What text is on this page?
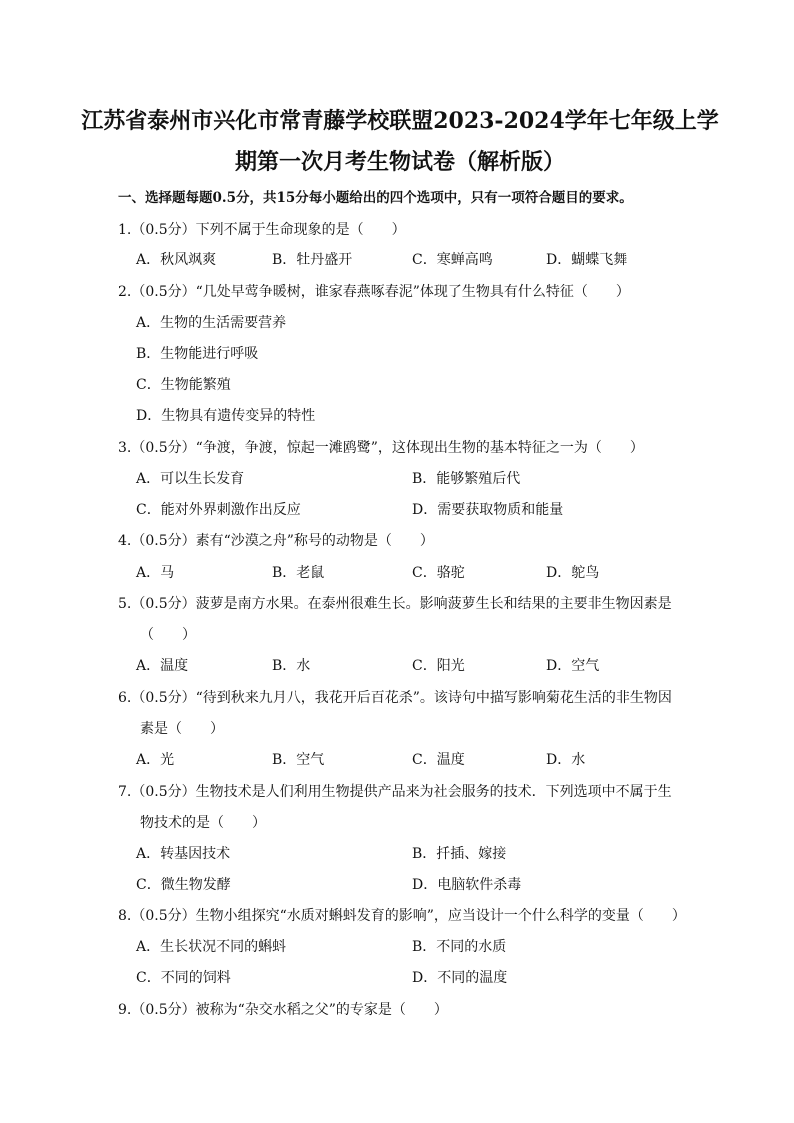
江苏省泰州市兴化市常青藤学校联盟2023-2024学年七年级上学
期第一次月考生物试卷（解析版）
一、选择题每题0.5分，共15分每小题给出的四个选项中，只有一项符合题目的要求。
1.（0.5分）下列不属于生命现象的是（　　）
A．秋风飒爽	B．牡丹盛开	C．寒蝉高鸣	D．蝴蝶飞舞
2.（0.5分）“几处早莺争暖树，谁家春燕啄春泥”体现了生物具有什么特征（　　）
A．生物的生活需要营养
B．生物能进行呼吸
C．生物能繁殖
D．生物具有遗传变异的特性
3.（0.5分）“争渡，争渡，惊起一滩鸥鹭”，这体现出生物的基本特征之一为（　　）
A．可以生长发育	B．能够繁殖后代
C．能对外界刺激作出反应	D．需要获取物质和能量
4.（0.5分）素有“沙漠之舟”称号的动物是（　　）
A．马	B．老鼠	C．骆驼	D．鸵鸟
5.（0.5分）菠萝是南方水果。在泰州很难生长。影响菠萝生长和结果的主要非生物因素是
（　　）
A．温度	B．水	C．阳光	D．空气
6.（0.5分）“待到秋来九月八，我花开后百花杀”。该诗句中描写影响菊花生活的非生物因
素是（　　）
A．光	B．空气	C．温度	D．水
7.（0.5分）生物技术是人们利用生物提供产品来为社会服务的技术．下列选项中不属于生
物技术的是（　　）
A．转基因技术	B．扦插、嫁接
C．微生物发酵	D．电脑软件杀毒
8.（0.5分）生物小组探究“水质对蝌蚪发育的影响”，应当设计一个什么科学的变量（　　）
A．生长状况不同的蝌蚪	B．不同的水质
C．不同的饲料	D．不同的温度
9.（0.5分）被称为“杂交水稻之父”的专家是（　　）
